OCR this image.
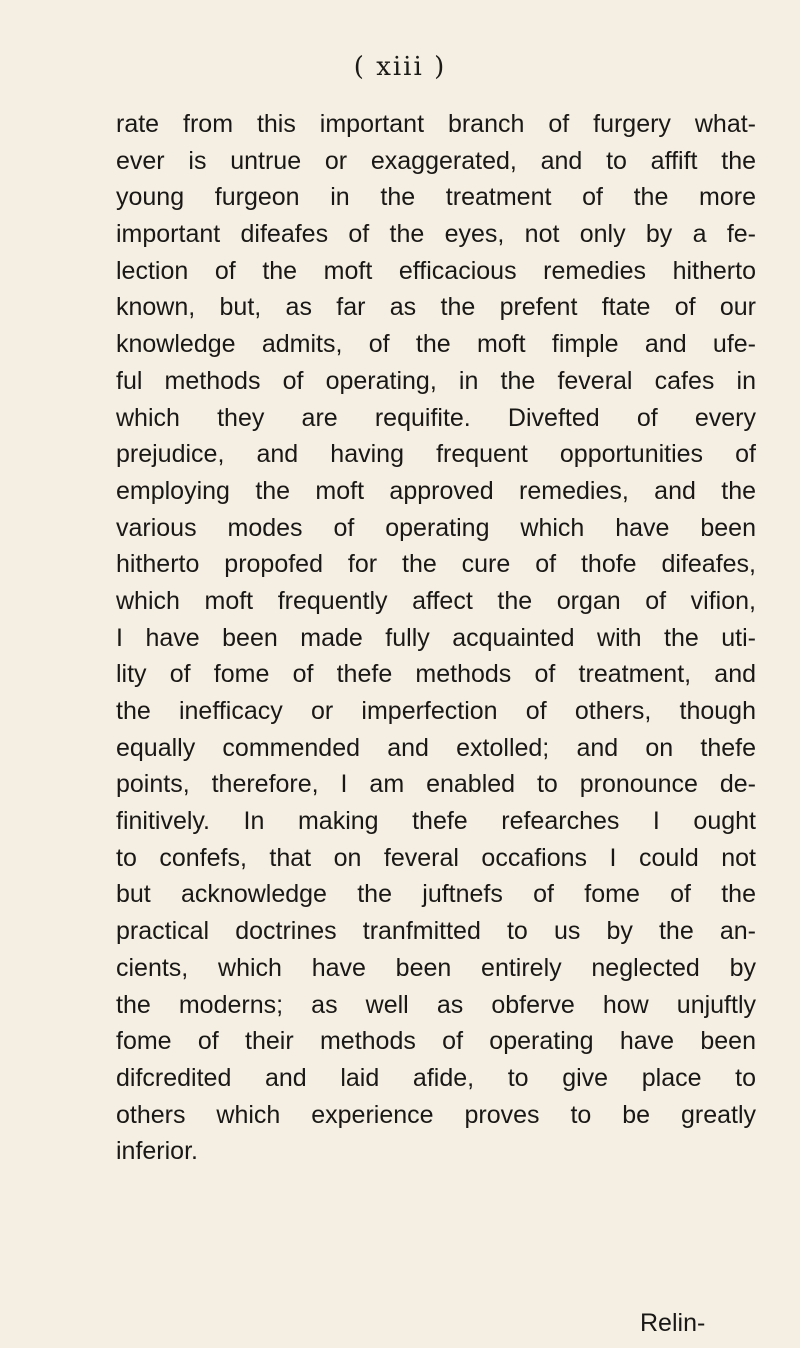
( xiii )
rate from this important branch of furgery what-
ever is untrue or exaggerated, and to affift the
young furgeon in the treatment of the more
important difeafes of the eyes, not only by a fe-
lection of the moft efficacious remedies hitherto
known, but, as far as the prefent ftate of our
knowledge admits, of the moft fimple and ufe-
ful methods of operating, in the feveral cafes in
which they are requifite. Divefted of every
prejudice, and having frequent opportunities of
employing the moft approved remedies, and the
various modes of operating which have been
hitherto propofed for the cure of thofe difeafes,
which moft frequently affect the organ of vifion,
I have been made fully acquainted with the uti-
lity of fome of thefe methods of treatment, and
the inefficacy or imperfection of others, though
equally commended and extolled; and on thefe
points, therefore, I am enabled to pronounce de-
finitively. In making thefe refearches I ought
to confefs, that on feveral occafions I could not
but acknowledge the juftnefs of fome of the
practical doctrines tranfmitted to us by the an-
cients, which have been entirely neglected by
the moderns; as well as obferve how unjuftly
fome of their methods of operating have been
difcredited and laid afide, to give place to
others which experience proves to be greatly
inferior.
Relin-
